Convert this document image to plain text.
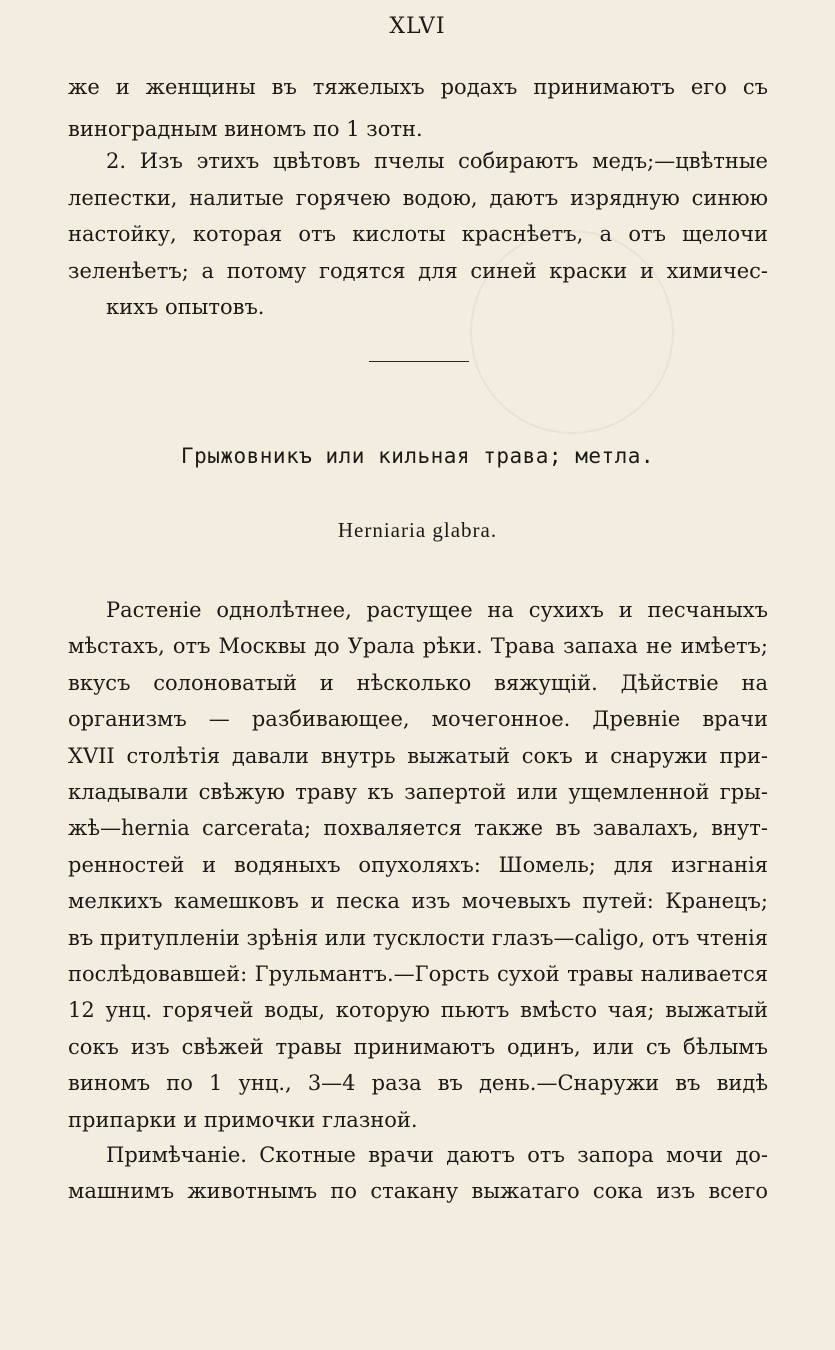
XLVI
же и женщины въ тяжелыхъ родахъ принимаютъ его съ
виноградным виномъ по 1 зотн.
2. Изъ этихъ цвѣтовъ пчелы собираютъ медъ;—цвѣтные
лепестки, налитые горячею водою, даютъ изрядную синюю
настойку, которая отъ кислоты краснѣетъ, а отъ щелочи
зеленѣетъ; а потому годятся для синей краски и химичес-
кихъ опытовъ.
Грыжовникъ или кильная трава; метла.
Herniaria glabra.
Растеніе однолѣтнее, растущее на сухихъ и песчаныхъ
мѣстахъ, отъ Москвы до Урала рѣки. Трава запаха не имѣетъ;
вкусъ солоноватый и нѣсколько вяжущій. Дѣйствіе на
организмъ — разбивающее, мочегонное. Древніе врачи
XVII столѣтія давали внутрь выжатый сокъ и снаружи при-
кладывали свѣжую траву къ запертой или ущемленной гры-
жѣ—hernia carcerata; похваляется также въ завалахъ, внут-
ренностей и водяныхъ опухоляхъ: Шомель; для изгнанія
мелкихъ камешковъ и песка изъ мочевыхъ путей: Кранецъ;
въ притупленіи зрѣнія или тусклости глазъ—caligo, отъ чтенія
послѣдовавшей: Грульмантъ.—Горсть сухой травы наливается
12 унц. горячей воды, которую пьютъ вмѣсто чая; выжатый
сокъ изъ свѣжей травы принимаютъ одинъ, или съ бѣлымъ
виномъ по 1 унц., 3—4 раза въ день.—Снаружи въ видѣ
припарки и примочки глазной.
Примѣчаніе. Скотные врачи даютъ отъ запора мочи до-
машнимъ животнымъ по стакану выжатаго сока изъ всего
